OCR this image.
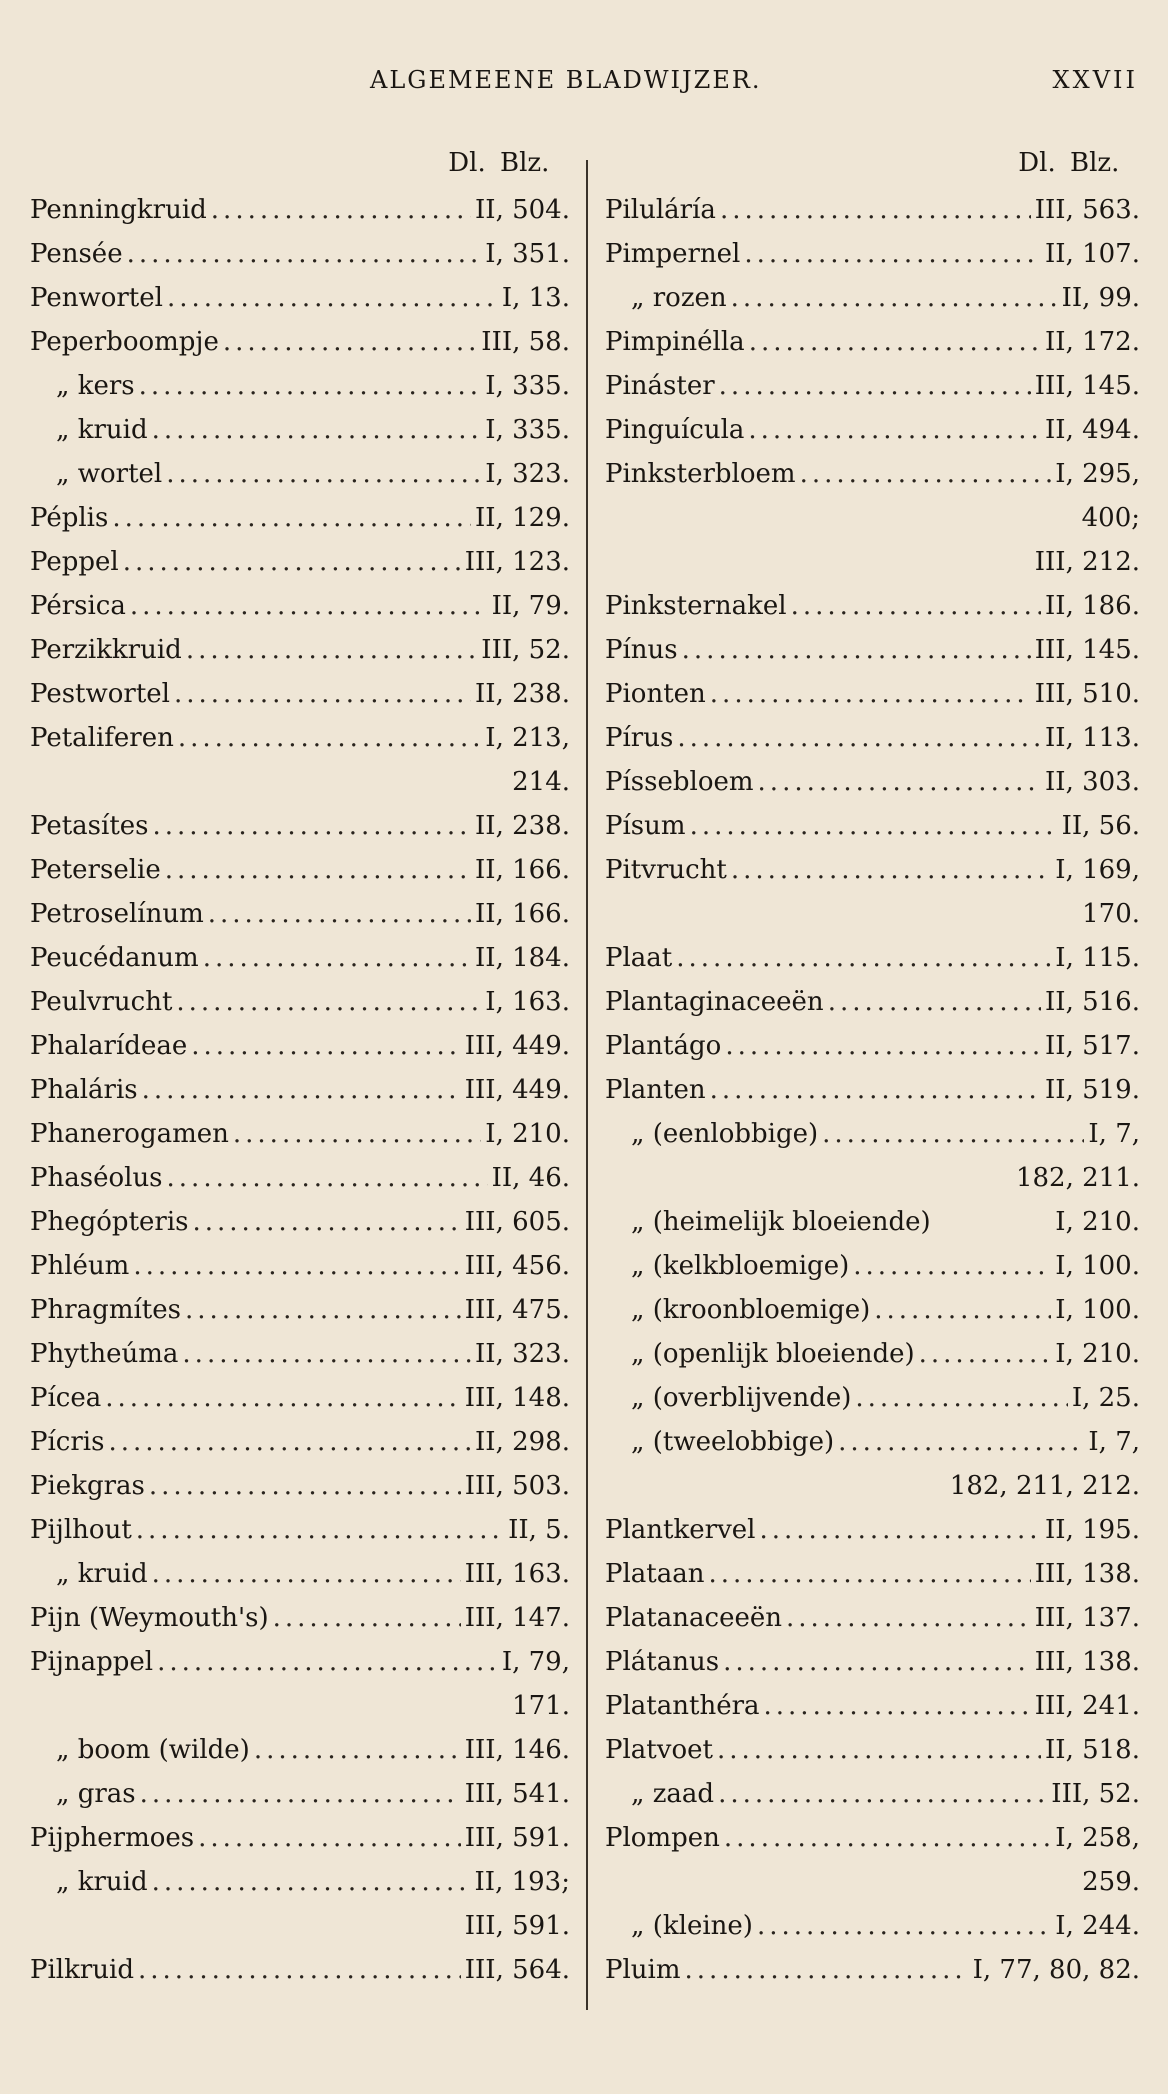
ALGEMEENE BLADWIJZER.	XXVII
Dl. Blz.
Penningkruid .....	II, 504.
Pensée .....	I, 351.
Penwortel .....	I, 13.
Peperboompje .....	III, 58.
„ kers .....	I, 335.
„ kruid .....	I, 335.
„ wortel .....	I, 323.
Péplis .....	II, 129.
Peppel .....	III, 123.
Pérsica .....	II, 79.
Perzikkruid .....	III, 52.
Pestwortel .....	II, 238.
Petaliferen .....	I, 213,
214.
Petasítes .....	II, 238.
Peterselie .....	II, 166.
Petroselínum .....	II, 166.
Peucédanum .....	II, 184.
Peulvrucht .....	I, 163.
Phalarídeae .....	III, 449.
Phaláris .....	III, 449.
Phanerogamen .....	I, 210.
Phaséolus .....	II, 46.
Phegópteris .....	III, 605.
Phléum .....	III, 456.
Phragmítes .....	III, 475.
Phytheúma .....	II, 323.
Pícea .....	III, 148.
Pícris .....	II, 298.
Piekgras .....	III, 503.
Pijlhout .....	II, 5.
„ kruid .....	III, 163.
Pijn (Weymouth's) .....	III, 147.
Pijnappel .....	I, 79,
171.
„ boom (wilde) .....	III, 146.
„ gras .....	III, 541.
Pijphermoes .....	III, 591.
„ kruid .....	II, 193;
III, 591.
Pilkruid .....	III, 564.
Dl. Blz.
Piluláría .....	III, 563.
Pimpernel .....	II, 107.
„ rozen .....	II, 99.
Pimpinélla .....	II, 172.
Pináster .....	III, 145.
Pinguícula .....	II, 494.
Pinksterbloem .....	I, 295,
400;
III, 212.
Pinksternakel .....	II, 186.
Pínus .....	III, 145.
Pionten .....	III, 510.
Pírus .....	II, 113.
Píssebloem .....	II, 303.
Písum .....	II, 56.
Pitvrucht .....	I, 169,
170.
Plaat .....	I, 115.
Plantaginaceeën .....	II, 516.
Plantágo .....	II, 517.
Planten .....	II, 519.
„ (eenlobbige) .....	I, 7,
182, 211.
„ (heimelijk bloeiende)	I, 210.
„ (kelkbloemige) .....	I, 100.
„ (kroonbloemige) .....	I, 100.
„ (openlijk bloeiende) .....	I, 210.
„ (overblijvende) .....	I, 25.
„ (tweelobbige) .....	I, 7,
182, 211, 212.
Plantkervel .....	II, 195.
Plataan .....	III, 138.
Platanaceeën .....	III, 137.
Plátanus .....	III, 138.
Platanthéra .....	III, 241.
Platvoet .....	II, 518.
„ zaad .....	III, 52.
Plompen .....	I, 258,
259.
„ (kleine) .....	I, 244.
Pluim .....	I, 77, 80, 82.
